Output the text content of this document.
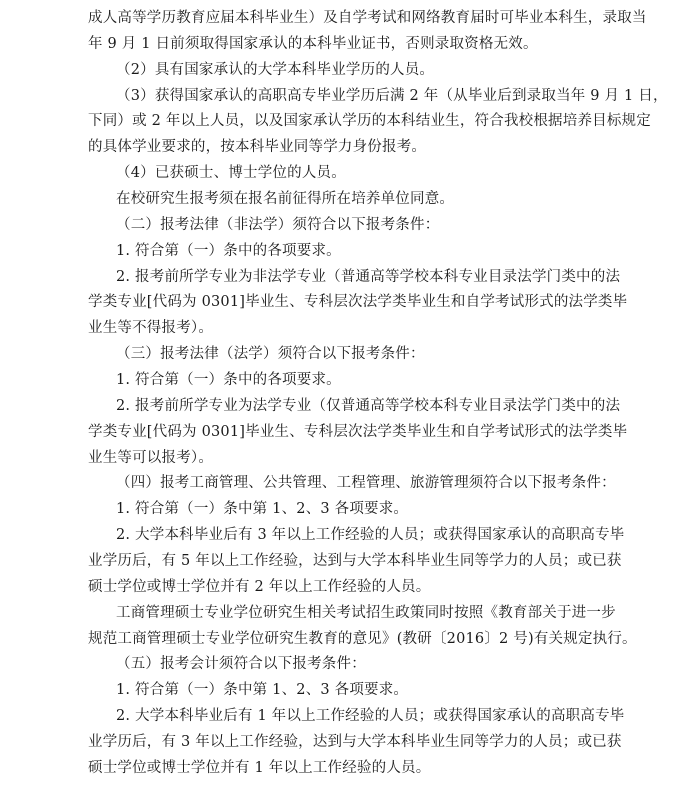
成人高等学历教育应届本科毕业生）及自学考试和网络教育届时可毕业本科生，录取当
年 9 月 1 日前须取得国家承认的本科毕业证书，否则录取资格无效。
（2）具有国家承认的大学本科毕业学历的人员。
（3）获得国家承认的高职高专毕业学历后满 2 年（从毕业后到录取当年 9 月 1 日，
下同）或 2 年以上人员，以及国家承认学历的本科结业生，符合我校根据培养目标规定
的具体学业要求的，按本科毕业同等学力身份报考。
（4）已获硕士、博士学位的人员。
在校研究生报考须在报名前征得所在培养单位同意。
（二）报考法律（非法学）须符合以下报考条件：
1. 符合第（一）条中的各项要求。
2. 报考前所学专业为非法学专业（普通高等学校本科专业目录法学门类中的法
学类专业[代码为 0301]毕业生、专科层次法学类毕业生和自学考试形式的法学类毕
业生等不得报考）。
（三）报考法律（法学）须符合以下报考条件：
1. 符合第（一）条中的各项要求。
2. 报考前所学专业为法学专业（仅普通高等学校本科专业目录法学门类中的法
学类专业[代码为 0301]毕业生、专科层次法学类毕业生和自学考试形式的法学类毕
业生等可以报考）。
（四）报考工商管理、公共管理、工程管理、旅游管理须符合以下报考条件：
1. 符合第（一）条中第 1、2、3 各项要求。
2. 大学本科毕业后有 3 年以上工作经验的人员；或获得国家承认的高职高专毕
业学历后，有 5 年以上工作经验，达到与大学本科毕业生同等学力的人员；或已获
硕士学位或博士学位并有 2 年以上工作经验的人员。
工商管理硕士专业学位研究生相关考试招生政策同时按照《教育部关于进一步
规范工商管理硕士专业学位研究生教育的意见》(教研〔2016〕2 号)有关规定执行。
（五）报考会计须符合以下报考条件：
1. 符合第（一）条中第 1、2、3 各项要求。
2. 大学本科毕业后有 1 年以上工作经验的人员；或获得国家承认的高职高专毕
业学历后，有 3 年以上工作经验，达到与大学本科毕业生同等学力的人员；或已获
硕士学位或博士学位并有 1 年以上工作经验的人员。
